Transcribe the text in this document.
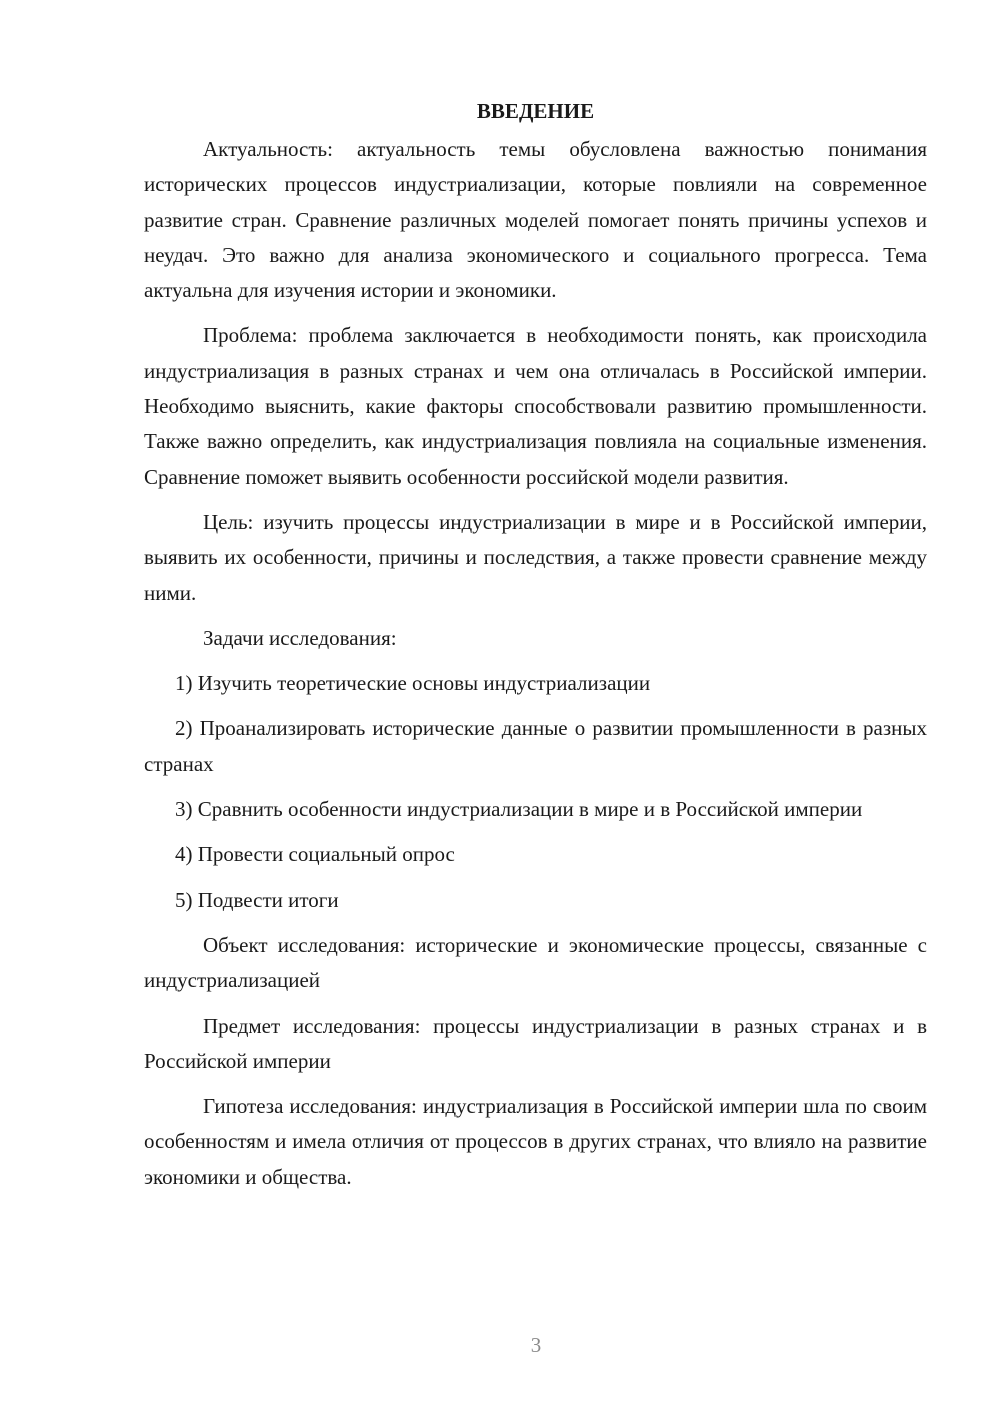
ВВЕДЕНИЕ

Актуальность: актуальность темы обусловлена важностью понимания исторических процессов индустриализации, которые повлияли на современное развитие стран. Сравнение различных моделей помогает понять причины успехов и неудач. Это важно для анализа экономического и социального прогресса. Тема актуальна для изучения истории и экономики.

Проблема: проблема заключается в необходимости понять, как происходила индустриализация в разных странах и чем она отличалась в Российской империи. Необходимо выяснить, какие факторы способствовали развитию промышленности. Также важно определить, как индустриализация повлияла на социальные изменения. Сравнение поможет выявить особенности российской модели развития.

Цель: изучить процессы индустриализации в мире и в Российской империи, выявить их особенности, причины и последствия, а также провести сравнение между ними.

Задачи исследования:

1) Изучить теоретические основы индустриализации

2) Проанализировать исторические данные о развитии промышленности в разных странах

3) Сравнить особенности индустриализации в мире и в Российской империи

4) Провести социальный опрос

5) Подвести итоги

Объект исследования: исторические и экономические процессы, связанные с индустриализацией

Предмет исследования: процессы индустриализации в разных странах и в Российской империи

Гипотеза исследования: индустриализация в Российской империи шла по своим особенностям и имела отличия от процессов в других странах, что влияло на развитие экономики и общества.

3
